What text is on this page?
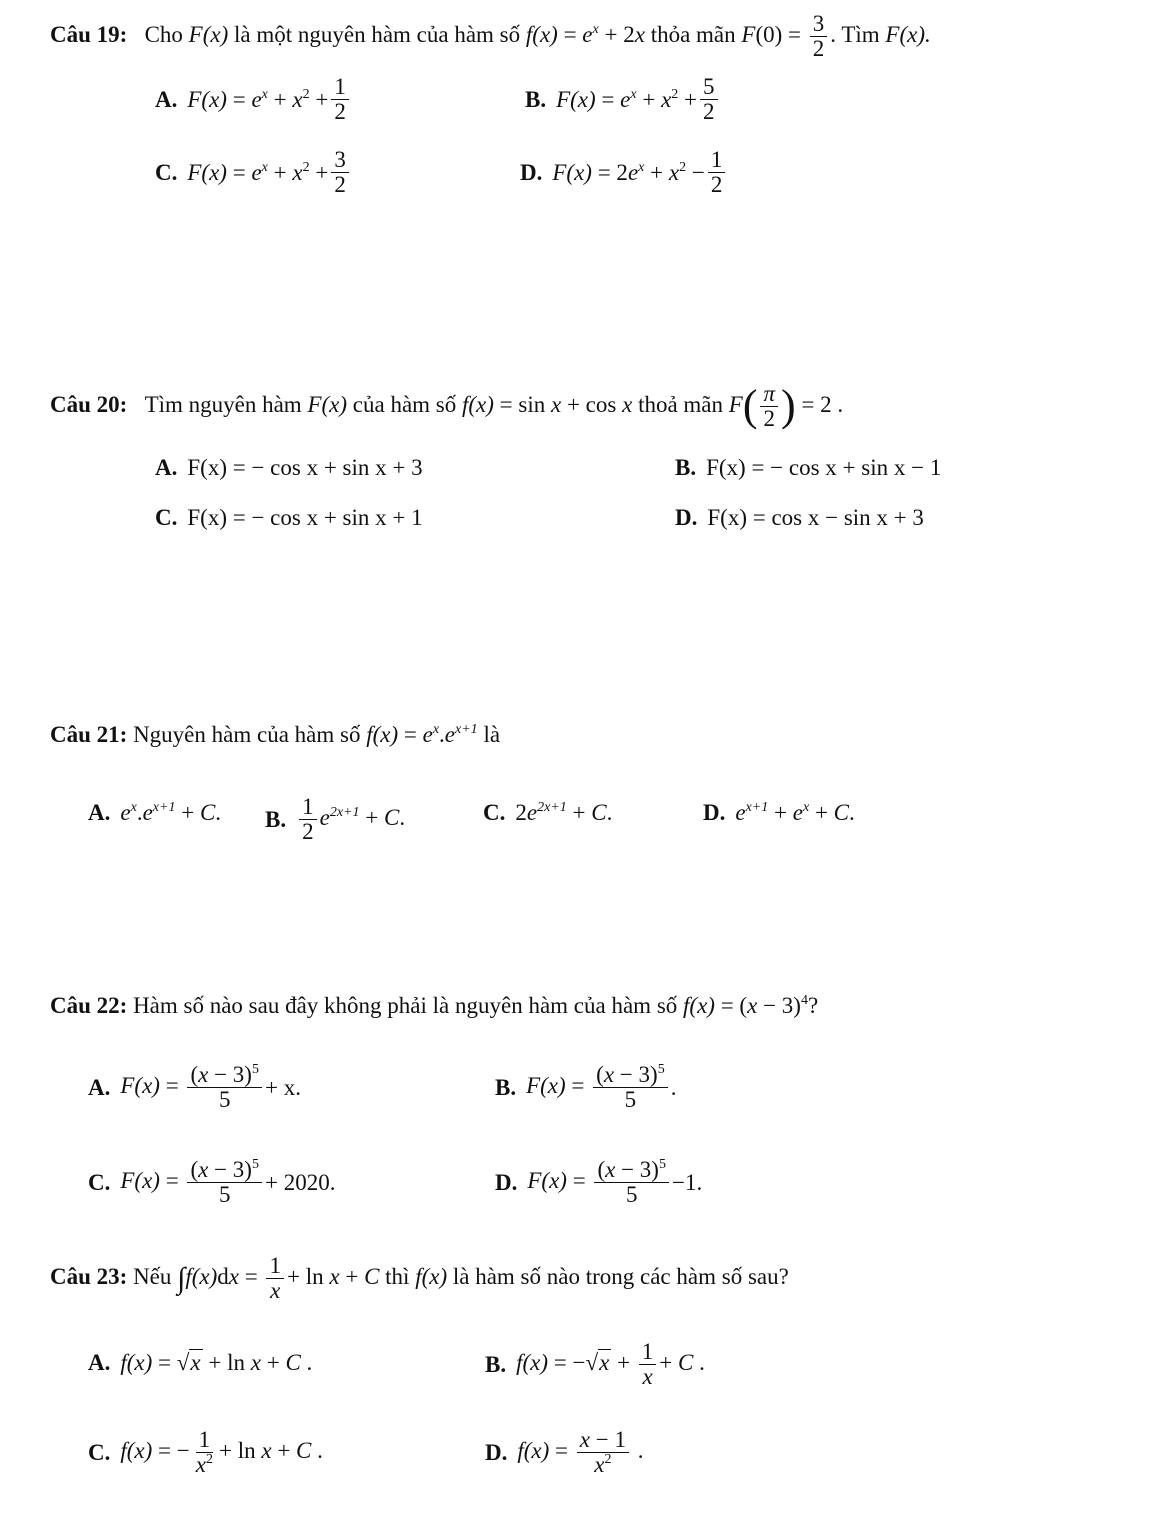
Câu 19: Cho F(x) là một nguyên hàm của hàm số $f(x) = e^x + 2x$ thỏa mãn $F(0) = \frac{3}{2}$ . Tìm F(x).
A. $F(x) = e^x + x^2 + \frac{1}{2}$	B. $F(x) = e^x + x^2 + \frac{5}{2}$
C. $F(x) = e^x + x^2 + \frac{3}{2}$	D. $F(x) = 2e^x + x^2 - \frac{1}{2}$
Câu 20: Tìm nguyên hàm F(x) của hàm số f(x) = sin x + cos x thoả mãn $F( \frac{\pi}{2}$ ) = 2 .
A. F(x) = − cos x + sin x + 3	B. F(x) = − cos x + sin x − 1
C. F(x) = − cos x + sin x + 1	D. F(x) = cos x − sin x + 3
Câu 21: Nguyên hàm của hàm số $f(x) = e^x.e^{x+1}$ là
A. $e^x.e^{x+1} + C$. B. $\frac{1}{2} e^{2x+1} + C$.	C. $2e^{2x+1} + C$.	D. $e^{x+1} + e^x + C$.
Câu 22: Hàm số nào sau đây không phải là nguyên hàm của hàm số $f(x) = (x - 3)^4$?
A. $F(x) = \frac{(x - 3)^5}{5} + x$.	B. $F(x) = \frac{(x - 3)^5}{5}$ .
C. $F(x) = \frac{(x - 3)^5}{5} + 2020$.	D. $F(x) = \frac{(x - 3)^5}{5} -1$.
Câu 23: Nếu $\int f(x)dx = \frac{1}{x} + \ln x + C$ thì f(x) là hàm số nào trong các hàm số sau?
A. f(x) = √x + ln x + C .	B. $f(x) = -√x + \frac{1}{x} + C$ .
C. f(x) = − $\frac{1}{x^2} + \ln x + C$ .	D. $f(x) = \frac{x - 1}{x^2}$ .
